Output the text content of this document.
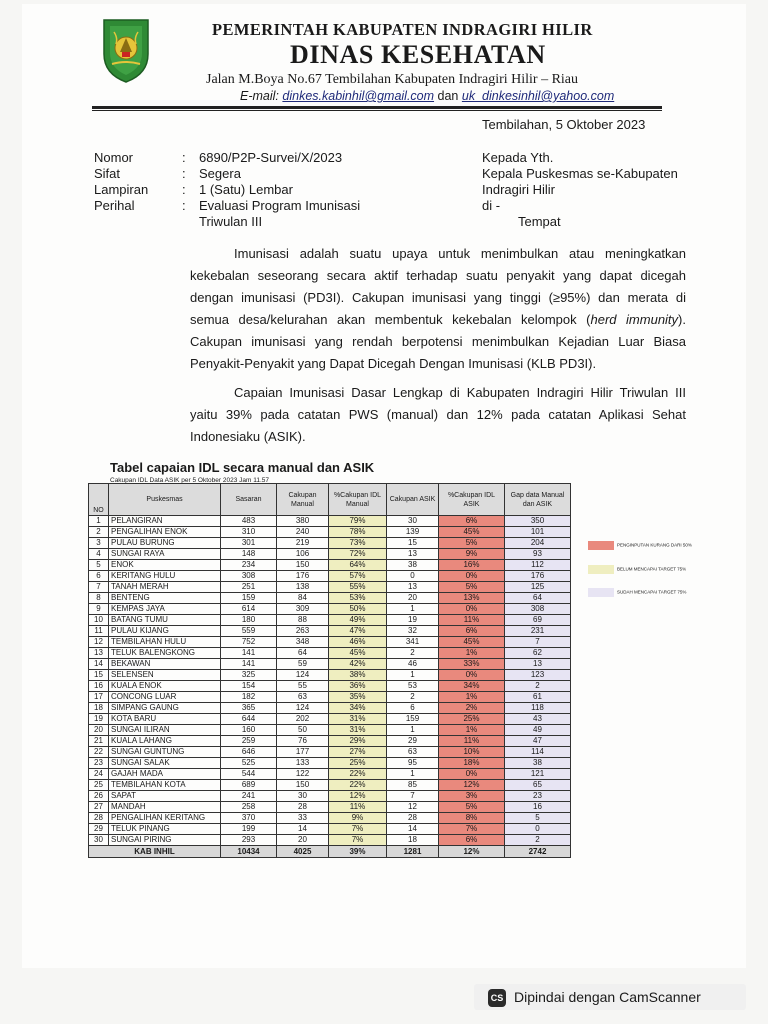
PEMERINTAH KABUPATEN INDRAGIRI HILIR
DINAS KESEHATAN
Jalan M.Boya No.67 Tembilahan Kabupaten Indragiri Hilir – Riau
E-mail: dinkes.kabinhil@gmail.com dan uk_dinkesinhil@yahoo.com
Tembilahan, 5 Oktober 2023
Nomor	: 6890/P2P-Survei/X/2023
Sifat	: Segera
Lampiran	: 1 (Satu) Lembar
Perihal	: Evaluasi Program Imunisasi
Triwulan III
Kepada Yth.
Kepala Puskesmas se-Kabupaten
Indragiri Hilir
di -
Tempat

Imunisasi adalah suatu upaya untuk menimbulkan atau meningkatkan kekebalan seseorang secara aktif terhadap suatu penyakit yang dapat dicegah dengan imunisasi (PD3I). Cakupan imunisasi yang tinggi (≥95%) dan merata di semua desa/kelurahan akan membentuk kekebalan kelompok (herd immunity). Cakupan imunisasi yang rendah berpotensi menimbulkan Kejadian Luar Biasa Penyakit-Penyakit yang Dapat Dicegah Dengan Imunisasi (KLB PD3I).

Capaian Imunisasi Dasar Lengkap di Kabupaten Indragiri Hilir Triwulan III yaitu 39% pada catatan PWS (manual) dan 12% pada catatan Aplikasi Sehat Indonesiaku (ASIK).

Tabel capaian IDL secara manual dan ASIK
Cakupan IDL Data ASIK per 5 Oktober 2023 Jam 11.57
NO	Puskesmas	Sasaran	Cakupan Manual	%Cakupan IDL Manual	Cakupan ASIK	%Cakupan IDL ASIK	Gap data Manual dan ASIK
1	PELANGIRAN	483	380	79%	30	6%	350
2	PENGALIHAN ENOK	310	240	78%	139	45%	101
3	PULAU BURUNG	301	219	73%	15	5%	204
4	SUNGAI RAYA	148	106	72%	13	9%	93
5	ENOK	234	150	64%	38	16%	112
6	KERITANG HULU	308	176	57%	0	0%	176
7	TANAH MERAH	251	138	55%	13	5%	125
8	BENTENG	159	84	53%	20	13%	64
9	KEMPAS JAYA	614	309	50%	1	0%	308
10	BATANG TUMU	180	88	49%	19	11%	69
11	PULAU KIJANG	559	263	47%	32	6%	231
12	TEMBILAHAN HULU	752	348	46%	341	45%	7
13	TELUK BALENGKONG	141	64	45%	2	1%	62
14	BEKAWAN	141	59	42%	46	33%	13
15	SELENSEN	325	124	38%	1	0%	123
16	KUALA ENOK	154	55	36%	53	34%	2
17	CONCONG LUAR	182	63	35%	2	1%	61
18	SIMPANG GAUNG	365	124	34%	6	2%	118
19	KOTA BARU	644	202	31%	159	25%	43
20	SUNGAI ILIRAN	160	50	31%	1	1%	49
21	KUALA LAHANG	259	76	29%	29	11%	47
22	SUNGAI GUNTUNG	646	177	27%	63	10%	114
23	SUNGAI SALAK	525	133	25%	95	18%	38
24	GAJAH MADA	544	122	22%	1	0%	121
25	TEMBILAHAN KOTA	689	150	22%	85	12%	65
26	SAPAT	241	30	12%	7	3%	23
27	MANDAH	258	28	11%	12	5%	16
28	PENGALIHAN KERITANG	370	33	9%	28	8%	5
29	TELUK PINANG	199	14	7%	14	7%	0
30	SUNGAI PIRING	293	20	7%	18	6%	2
KAB INHIL		10434	4025	39%	1281	12%	2742
PENGINPUTAN KURANG DARI 50%
BELUM MENCAPAI TARGET 75%
SUDAH MENCAPAI TARGET 75%
CS Dipindai dengan CamScanner
